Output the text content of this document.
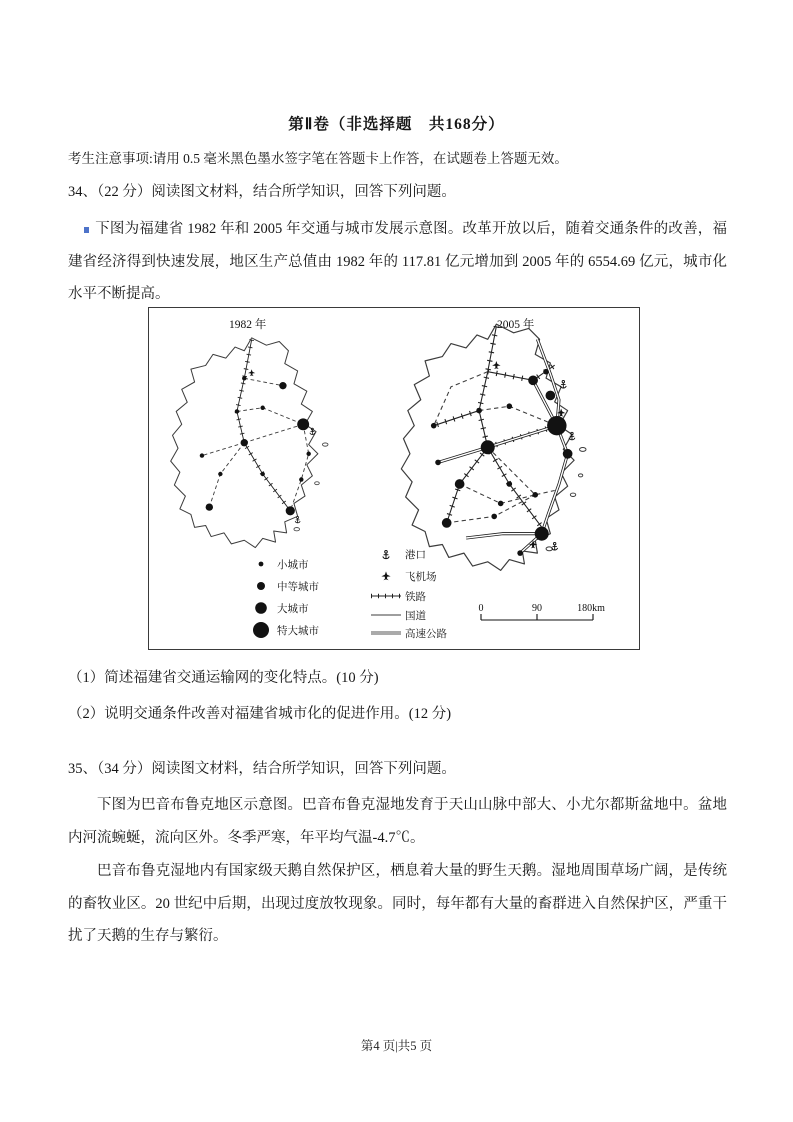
第Ⅱ卷（非选择题　共168分）
考生注意事项:请用 0.5 毫米黑色墨水签字笔在答题卡上作答，在试题卷上答题无效。
34、（22 分）阅读图文材料，结合所学知识，回答下列问题。

下图为福建省 1982 年和 2005 年交通与城市发展示意图。改革开放以后，随着交通条件的改善，福建省经济得到快速发展，地区生产总值由 1982 年的 117.81 亿元增加到 2005 年的 6554.69 亿元，城市化水平不断提高。

1982 年	2005 年
小城市
中等城市
大城市
特大城市
港口
飞机场
铁路
国道
高速公路
0	90	180km
（1）简述福建省交通运输网的变化特点。(10 分)
（2）说明交通条件改善对福建省城市化的促进作用。(12 分)
35、（34 分）阅读图文材料，结合所学知识，回答下列问题。

下图为巴音布鲁克地区示意图。巴音布鲁克湿地发育于天山山脉中部大、小尤尔都斯盆地中。盆地内河流蜿蜒，流向区外。冬季严寒，年平均气温-4.7℃。

巴音布鲁克湿地内有国家级天鹅自然保护区，栖息着大量的野生天鹅。湿地周围草场广阔，是传统的畜牧业区。20 世纪中后期，出现过度放牧现象。同时，每年都有大量的畜群进入自然保护区，严重干扰了天鹅的生存与繁衍。

第4 页|共5 页
